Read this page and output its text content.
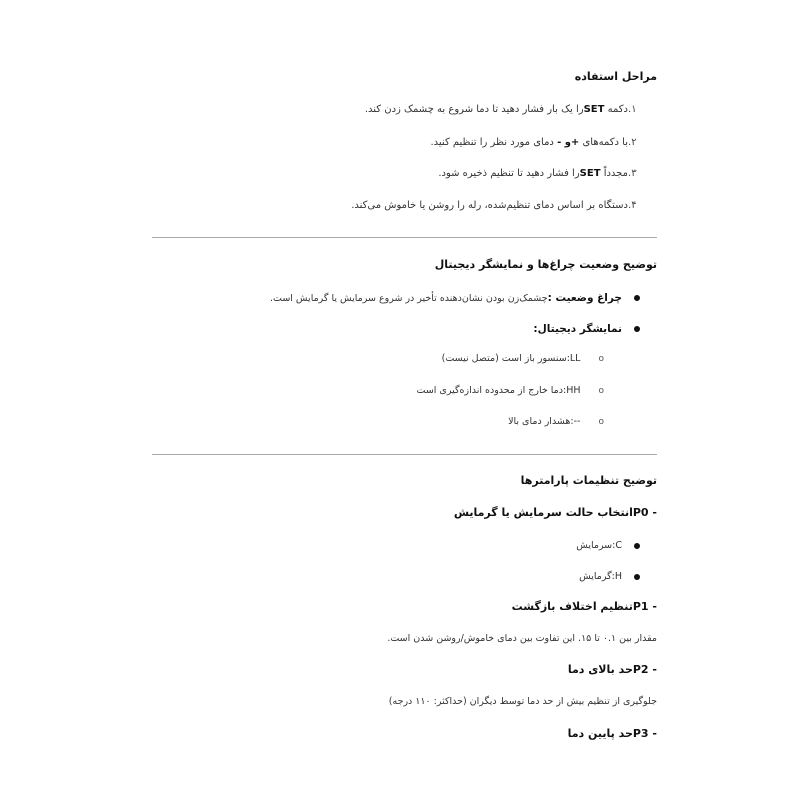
مراحل استفاده
۱.دکمه SETرا یک بار فشار دهید تا دما شروع به چشمک زدن کند.
۲.با دکمه‌های +و - دمای مورد نظر را تنظیم کنید.
۳.مجدداً SETرا فشار دهید تا تنظیم ذخیره شود.
۴.دستگاه بر اساس دمای تنظیم‌شده، رله را روشن یا خاموش می‌کند.
توضیح وضعیت چراغ‌ها و نمایشگر دیجیتال
چراغ وضعیت :چشمک‌زن بودن نشان‌دهنده تأخیر در شروع سرمایش یا گرمایش است.
نمایشگر دیجیتال:
oLL:سنسور باز است (متصل نیست)
oHH:دما خارج از محدوده اندازه‌گیری است
o--:هشدار دمای بالا
توضیح تنظیمات پارامترها
- P0انتخاب حالت سرمایش یا گرمایش
C:سرمایش
H:گرمایش
- P1تنظیم اختلاف بازگشت
مقدار بین ۰.۱ تا ۱۵. این تفاوت بین دمای خاموش/روشن شدن است.
- P2حد بالای دما
جلوگیری از تنظیم بیش از حد دما توسط دیگران (حداکثر: ۱۱۰ درجه)
- P3حد پایین دما
